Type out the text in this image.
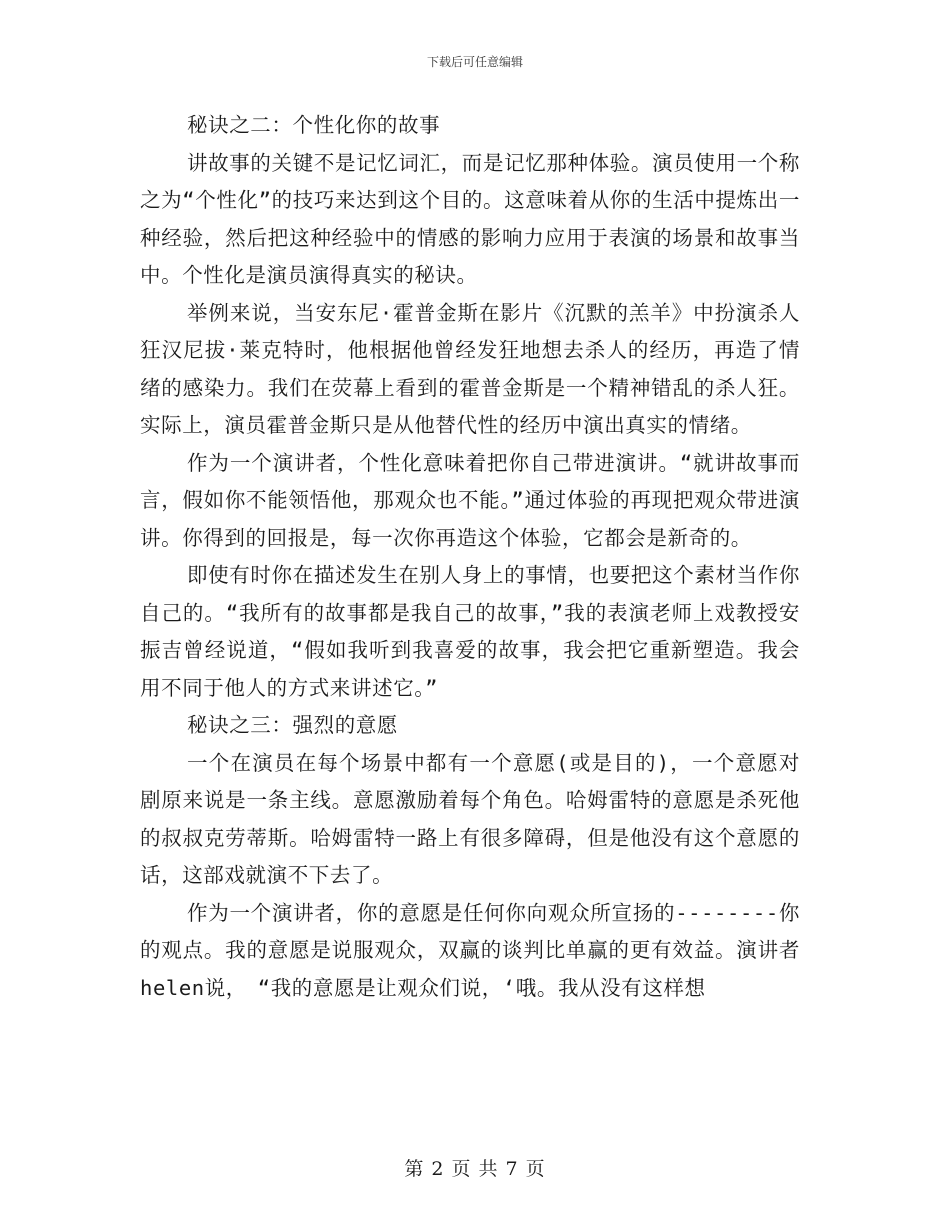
下载后可任意编辑

秘诀之二：个性化你的故事

讲故事的关键不是记忆词汇，而是记忆那种体验。演员使用一个称之为“个性化”的技巧来达到这个目的。这意味着从你的生活中提炼出一种经验，然后把这种经验中的情感的影响力应用于表演的场景和故事当中。个性化是演员演得真实的秘诀。

举例来说，当安东尼·霍普金斯在影片《沉默的羔羊》中扮演杀人狂汉尼拔·莱克特时，他根据他曾经发狂地想去杀人的经历，再造了情绪的感染力。我们在荧幕上看到的霍普金斯是一个精神错乱的杀人狂。实际上，演员霍普金斯只是从他替代性的经历中演出真实的情绪。

作为一个演讲者，个性化意味着把你自己带进演讲。“就讲故事而言，假如你不能领悟他，那观众也不能。”通过体验的再现把观众带进演讲。你得到的回报是，每一次你再造这个体验，它都会是新奇的。

即使有时你在描述发生在别人身上的事情，也要把这个素材当作你自己的。“我所有的故事都是我自己的故事，”我的表演老师上戏教授安振吉曾经说道，“假如我听到我喜爱的故事，我会把它重新塑造。我会用不同于他人的方式来讲述它。”

秘诀之三：强烈的意愿

一个在演员在每个场景中都有一个意愿(或是目的)，一个意愿对剧原来说是一条主线。意愿激励着每个角色。哈姆雷特的意愿是杀死他的叔叔克劳蒂斯。哈姆雷特一路上有很多障碍，但是他没有这个意愿的话，这部戏就演不下去了。

作为一个演讲者，你的意愿是任何你向观众所宣扬的--------你的观点。我的意愿是说服观众，双赢的谈判比单赢的更有效益。演讲者helen说，　“我的意愿是让观众们说，‘哦。我从没有这样想

第 2 页 共 7 页
